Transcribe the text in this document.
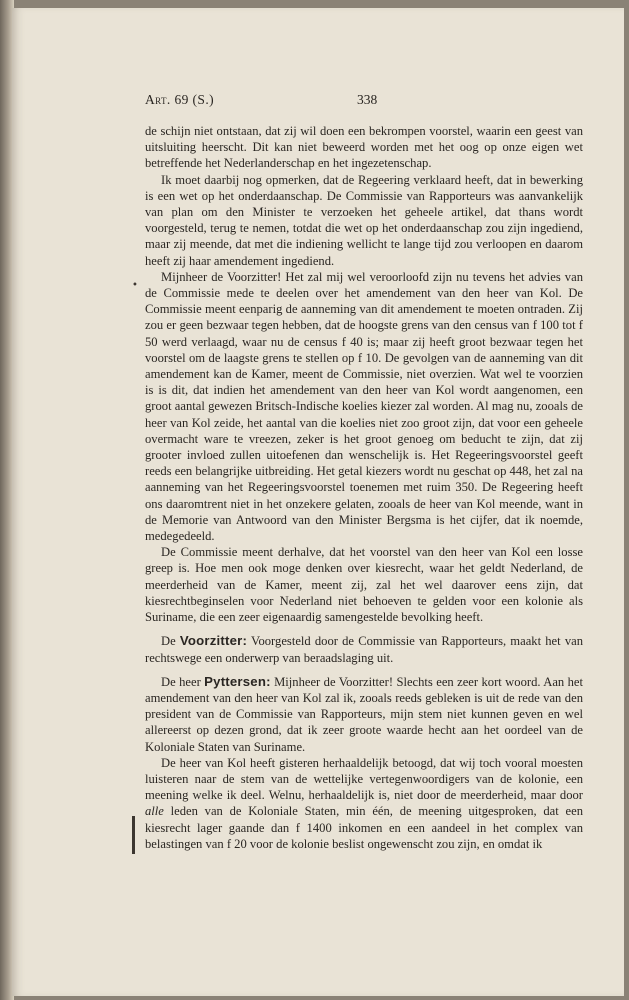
Art. 69 (S.)	338

de schijn niet ontstaan, dat zij wil doen een bekrompen voorstel, waarin een geest van uitsluiting heerscht. Dit kan niet beweerd worden met het oog op onze eigen wet betreffende het Nederlanderschap en het ingezetenschap.

Ik moet daarbij nog opmerken, dat de Regeering verklaard heeft, dat in bewerking is een wet op het onderdaanschap. De Commissie van Rapporteurs was aanvankelijk van plan om den Minister te verzoeken het geheele artikel, dat thans wordt voorgesteld, terug te nemen, totdat die wet op het onderdaanschap zou zijn ingediend, maar zij meende, dat met die indiening wellicht te lange tijd zou verloopen en daarom heeft zij haar amendement ingediend.

Mijnheer de Voorzitter! Het zal mij wel veroorloofd zijn nu tevens het advies van de Commissie mede te deelen over het amendement van den heer van Kol. De Commissie meent eenparig de aanneming van dit amendement te moeten ontraden. Zij zou er geen bezwaar tegen hebben, dat de hoogste grens van den census van f 100 tot f 50 werd verlaagd, waar nu de census f 40 is; maar zij heeft groot bezwaar tegen het voorstel om de laagste grens te stellen op f 10. De gevolgen van de aanneming van dit amendement kan de Kamer, meent de Commissie, niet overzien. Wat wel te voorzien is is dit, dat indien het amendement van den heer van Kol wordt aangenomen, een groot aantal gewezen Britsch-Indische koelies kiezer zal worden. Al mag nu, zooals de heer van Kol zeide, het aantal van die koelies niet zoo groot zijn, dat voor een geheele overmacht ware te vreezen, zeker is het groot genoeg om beducht te zijn, dat zij grooter invloed zullen uitoefenen dan wenschelijk is. Het Regeeringsvoorstel geeft reeds een belangrijke uitbreiding. Het getal kiezers wordt nu geschat op 448, het zal na aanneming van het Regeeringsvoorstel toenemen met ruim 350. De Regeering heeft ons daaromtrent niet in het onzekere gelaten, zooals de heer van Kol meende, want in de Memorie van Antwoord van den Minister Bergsma is het cijfer, dat ik noemde, medegedeeld.

De Commissie meent derhalve, dat het voorstel van den heer van Kol een losse greep is. Hoe men ook moge denken over kiesrecht, waar het geldt Nederland, de meerderheid van de Kamer, meent zij, zal het wel daarover eens zijn, dat kiesrechtbeginselen voor Nederland niet behoeven te gelden voor een kolonie als Suriname, die een zeer eigenaardig samengestelde bevolking heeft.

De Voorzitter: Voorgesteld door de Commissie van Rapporteurs, maakt het van rechtswege een onderwerp van beraadslaging uit.

De heer Pyttersen: Mijnheer de Voorzitter! Slechts een zeer kort woord. Aan het amendement van den heer van Kol zal ik, zooals reeds gebleken is uit de rede van den president van de Commissie van Rapporteurs, mijn stem niet kunnen geven en wel allereerst op dezen grond, dat ik zeer groote waarde hecht aan het oordeel van de Koloniale Staten van Suriname.

De heer van Kol heeft gisteren herhaaldelijk betoogd, dat wij toch vooral moesten luisteren naar de stem van de wettelijke vertegenwoordigers van de kolonie, een meening welke ik deel. Welnu, herhaaldelijk is, niet door de meerderheid, maar door alle leden van de Koloniale Staten, min één, de meening uitgesproken, dat een kiesrecht lager gaande dan f 1400 inkomen en een aandeel in het complex van belastingen van f 20 voor de kolonie beslist ongewenscht zou zijn, en omdat ik

•
